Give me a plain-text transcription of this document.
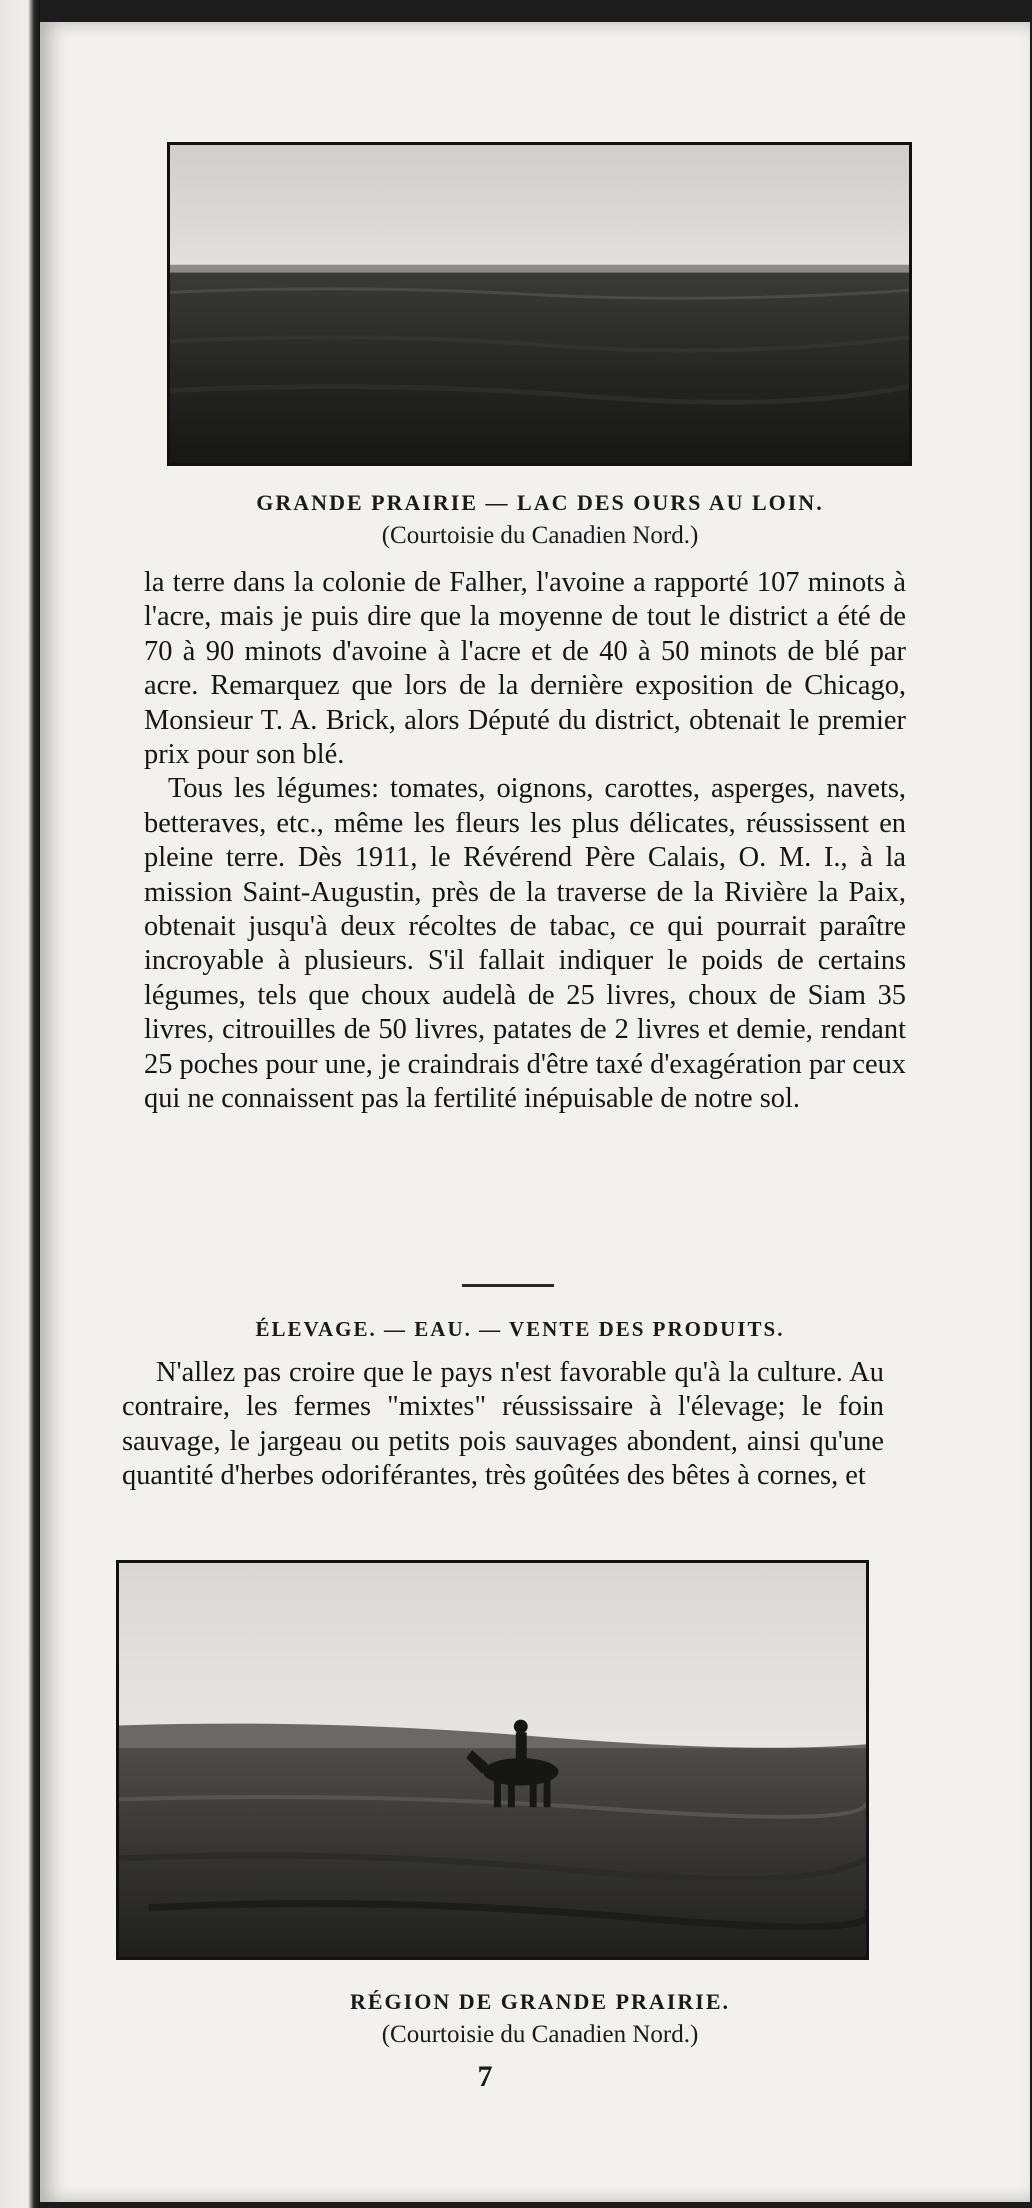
GRANDE PRAIRIE — LAC DES OURS AU LOIN.
(Courtoisie du Canadien Nord.)
la terre dans la colonie de Falher, l'avoine a rapporté 107 minots à l'acre, mais je puis dire que la moyenne de tout le district a été de 70 à 90 minots d'avoine à l'acre et de 40 à 50 minots de blé par acre. Remarquez que lors de la dernière exposition de Chicago, Monsieur T. A. Brick, alors Député du district, obtenait le premier prix pour son blé.
Tous les légumes: tomates, oignons, carottes, asperges, navets, betteraves, etc., même les fleurs les plus délicates, réussissent en pleine terre. Dès 1911, le Révérend Père Calais, O. M. I., à la mission Saint-Augustin, près de la traverse de la Rivière la Paix, obtenait jusqu'à deux récoltes de tabac, ce qui pourrait paraître incroyable à plusieurs. S'il fallait indiquer le poids de certains légumes, tels que choux audelà de 25 livres, choux de Siam 35 livres, citrouilles de 50 livres, patates de 2 livres et demie, rendant 25 poches pour une, je craindrais d'être taxé d'exagération par ceux qui ne connaissent pas la fertilité inépuisable de notre sol.
ÉLEVAGE. — EAU. — VENTE DES PRODUITS.
N'allez pas croire que le pays n'est favorable qu'à la culture. Au contraire, les fermes "mixtes" réussissaire à l'élevage; le foin sauvage, le jargeau ou petits pois sauvages abondent, ainsi qu'une quantité d'herbes odoriférantes, très goûtées des bêtes à cornes, et
RÉGION DE GRANDE PRAIRIE.
(Courtoisie du Canadien Nord.)
7
